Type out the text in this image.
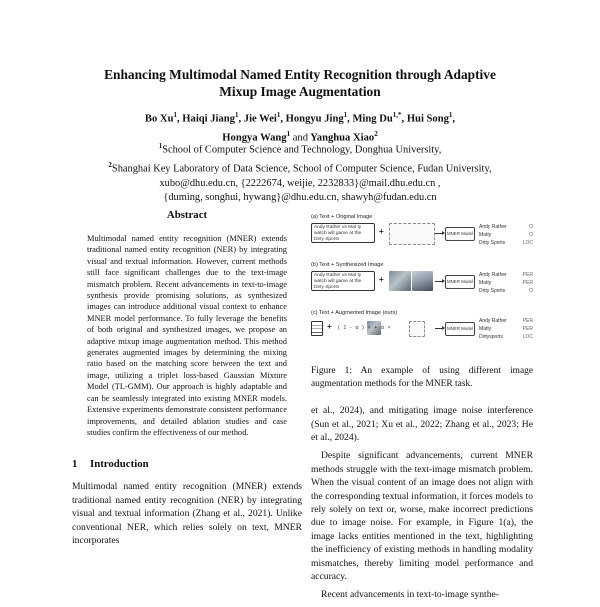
Enhancing Multimodal Named Entity Recognition through Adaptive
Mixup Image Augmentation
Bo Xu$^1$, Haiqi Jiang$^1$, Jie Wei$^1$, Hongyu Jing$^1$, Ming $Du^{1,*}$, Hui Song$^1$,
Hongya Wang$^1$ and Yanghua Xiao$^2$
$^1$School of Computer Science and Technology, Donghua University,
$^2$Shanghai Key Laboratory of Data Science, School of Computer Science, Fudan University,
xubo@dhu.edu.cn, {2222674, weijie, 2232833}@mail.dhu.edu.cn ,
{duming, songhui, hywang}@dhu.edu.cn, shawyh@fudan.edu.cn
Abstract
Multimodal named entity recognition (MNER) extends traditional named entity recognition (NER) by integrating visual and textual information. However, current methods still face significant challenges due to the text-image mismatch problem. Recent advancements in text-to-image synthesis provide promising solutions, as synthesized images can introduce additional visual context to enhance MNER model performance. To fully leverage the benefits of both original and synthesized images, we propose an adaptive mixup image augmentation method. This method generates augmented images by determining the mixing ratio based on the matching score between the text and image, utilizing a triplet loss-based Gaussian Mixture Model (TL-GMM). Our approach is highly adaptable and can be seamlessly integrated into existing MNER models. Extensive experiments demonstrate consistent performance improvements, and detailed ablation studies and case studies confirm the effectiveness of our method.
1 Introduction

Multimodal named entity recognition (MNER) extends traditional named entity recognition (NER) by integrating visual and textual information (Zhang et al., 2021). Unlike conventional NER, which relies solely on text, MNER incorporates

(a) Text + Original Image
Andy Rather vs Mat ty watch will game at the Dirty Sports
+	MNER Model
Andy Rather	O
Matty	O
Dirty Sports	LOC
(b) Text + Synthesized Image
Andy Rather vs Mat ty watch will game at the Dirty Sports
+	MNER Model
Andy Rather	PER
Matty	PER
Dirty Sports	O
(c) Text + Augmented Image (ours)
+ ( 1 - α ) × + α ×	MNER Model
Andy Rather	PER
Matty	PER
Dirtysports	LOC
Figure 1: An example of using different image augmentation methods for the MNER task.

et al., 2024), and mitigating image noise interference (Sun et al., 2021; Xu et al., 2022; Zhang et al., 2023; He et al., 2024).

Despite significant advancements, current MNER methods struggle with the text-image mismatch problem. When the visual content of an image does not align with the corresponding textual information, it forces models to rely solely on text or, worse, make incorrect predictions due to image noise. For example, in Figure 1(a), the image lacks entities mentioned in the text, highlighting the inefficiency of existing methods in handling modality mismatches, thereby limiting model performance and accuracy.

Recent advancements in text-to-image synthe-
